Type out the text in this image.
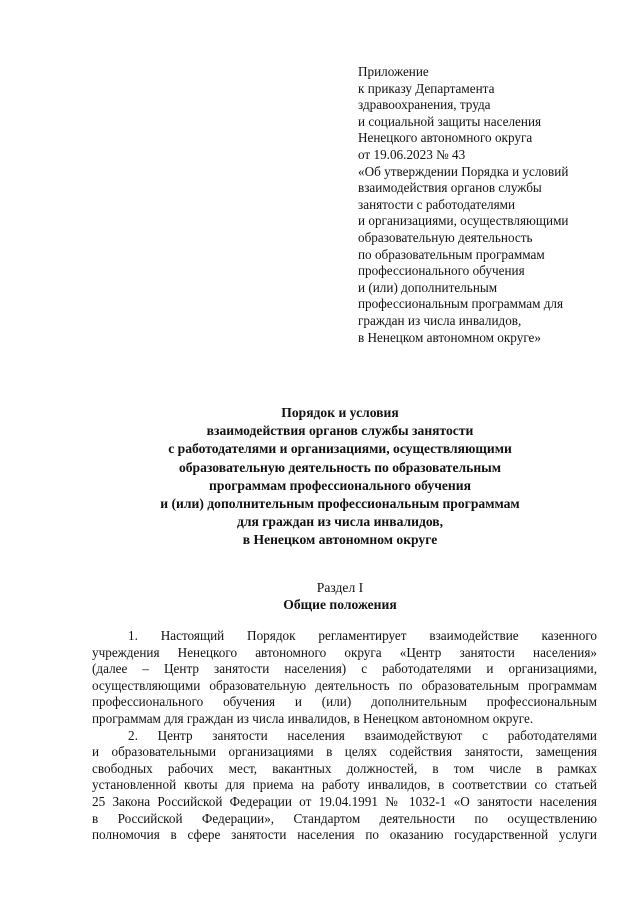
Приложение
к приказу Департамента
здравоохранения, труда
и социальной защиты населения
Ненецкого автономного округа
от 19.06.2023 № 43
«Об утверждении Порядка и условий
взаимодействия органов службы
занятости с работодателями
и организациями, осуществляющими
образовательную деятельность
по образовательным программам
профессионального обучения
и (или) дополнительным
профессиональным программам для
граждан из числа инвалидов,
в Ненецком автономном округе»
Порядок и условия
взаимодействия органов службы занятости
с работодателями и организациями, осуществляющими
образовательную деятельность по образовательным
программам профессионального обучения
и (или) дополнительным профессиональным программам
для граждан из числа инвалидов,
в Ненецком автономном округе
Раздел I
Общие положения
1. Настоящий Порядок регламентирует взаимодействие казенного
учреждения Ненецкого автономного округа «Центр занятости населения»
(далее – Центр занятости населения) с работодателями и организациями,
осуществляющими образовательную деятельность по образовательным программам
профессионального обучения и (или) дополнительным профессиональным
программам для граждан из числа инвалидов, в Ненецком автономном округе.
2. Центр занятости населения взаимодействуют с работодателями
и образовательными организациями в целях содействия занятости, замещения
свободных рабочих мест, вакантных должностей, в том числе в рамках
установленной квоты для приема на работу инвалидов, в соответствии со статьей
25 Закона Российской Федерации от 19.04.1991 № 1032-1 «О занятости населения
в Российской Федерации», Стандартом деятельности по осуществлению
полномочия в сфере занятости населения по оказанию государственной услуги
